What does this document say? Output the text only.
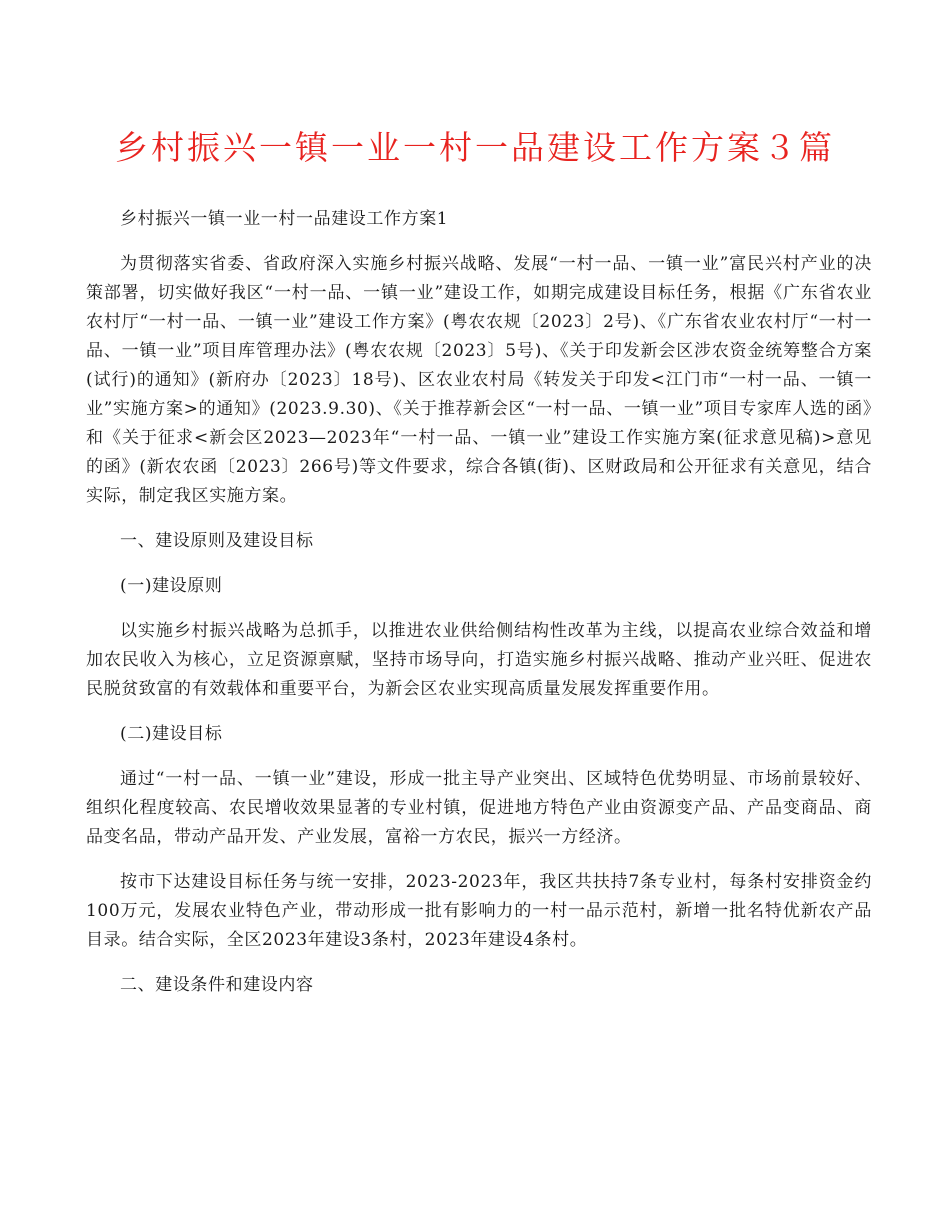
乡村振兴一镇一业一村一品建设工作方案３篇

乡村振兴一镇一业一村一品建设工作方案1

为贯彻落实省委、省政府深入实施乡村振兴战略、发展“一村一品、一镇一业”富民兴村产业的决策部署，切实做好我区“一村一品、一镇一业”建设工作，如期完成建设目标任务，根据《广东省农业农村厅“一村一品、一镇一业”建设工作方案》(粤农农规〔2023〕2号)、《广东省农业农村厅“一村一品、一镇一业”项目库管理办法》(粤农农规〔2023〕5号)、《关于印发新会区涉农资金统筹整合方案(试行)的通知》(新府办〔2023〕18号)、区农业农村局《转发关于印发<江门市“一村一品、一镇一业”实施方案>的通知》(2023.9.30)、《关于推荐新会区“一村一品、一镇一业”项目专家库人选的函》和《关于征求<新会区2023—2023年“一村一品、一镇一业”建设工作实施方案(征求意见稿)>意见的函》(新农农函〔2023〕266号)等文件要求，综合各镇(街)、区财政局和公开征求有关意见，结合实际，制定我区实施方案。

一、建设原则及建设目标

(一)建设原则

以实施乡村振兴战略为总抓手，以推进农业供给侧结构性改革为主线，以提高农业综合效益和增加农民收入为核心，立足资源禀赋，坚持市场导向，打造实施乡村振兴战略、推动产业兴旺、促进农民脱贫致富的有效载体和重要平台，为新会区农业实现高质量发展发挥重要作用。

(二)建设目标

通过“一村一品、一镇一业”建设，形成一批主导产业突出、区域特色优势明显、市场前景较好、组织化程度较高、农民增收效果显著的专业村镇，促进地方特色产业由资源变产品、产品变商品、商品变名品，带动产品开发、产业发展，富裕一方农民，振兴一方经济。

按市下达建设目标任务与统一安排，2023-2023年，我区共扶持7条专业村，每条村安排资金约100万元，发展农业特色产业，带动形成一批有影响力的一村一品示范村，新增一批名特优新农产品目录。结合实际，全区2023年建设3条村，2023年建设4条村。

二、建设条件和建设内容
